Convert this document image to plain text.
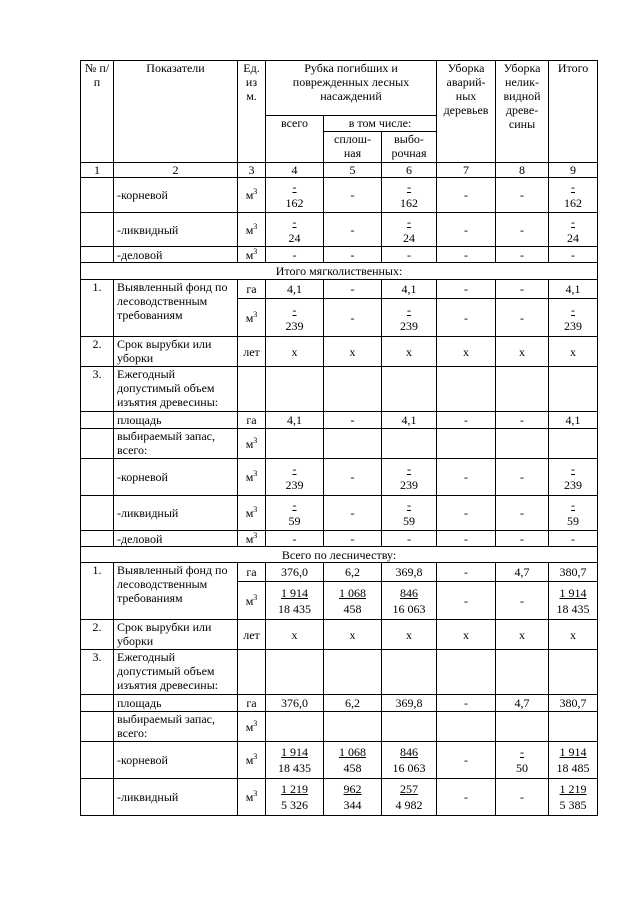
№ п/п	Показатели	Ед. из м.	Рубка погибших и поврежденных лесных насаждений			Уборка аварий-ных деревьев	Уборка нелик-видной древе-сины	Итого
			всего	в том числе:				
				сплош-ная	выбо-рочная			
1	2	3	4	5	6	7	8	9
	-корневой	$м^3$	$\frac{-}{162}$	-	$\frac{-}{162}$	-	-	$\frac{-}{162}$

	-ликвидный	$м^3$	$\frac{-}{24}$	-	$\frac{-}{24}$	-	-	$\frac{-}{24}$

	-деловой	$м^3$	-	-	-	-	-	-
Итого мягколиственных:								
1.	Выявленный фонд по лесоводственным требованиям	га	4,1	-	4,1	-	-	4,1
		$м^3$	$\frac{-}{239}$	-	$\frac{-}{239}$	-	-	$\frac{-}{239}$

2.	Срок вырубки или уборки	лет	х	х	х	х	х	х
3.	Ежегодный допустимый объем изъятия древесины:							
	площадь	га	4,1	-	4,1	-	-	4,1
	выбираемый запас, всего:	$м^3$						
	-корневой	$м^3$	$\frac{-}{239}$	-	$\frac{-}{239}$	-	-	$\frac{-}{239}$

	-ликвидный	$м^3$	$\frac{-}{59}$	-	$\frac{-}{59}$	-	-	$\frac{-}{59}$

	-деловой	$м^3$	-	-	-	-	-	-
Всего по лесничеству:								
1.	Выявленный фонд по лесоводственным требованиям	га	376,0	6,2	369,8	-	4,7	380,7
		$м^3$	$\frac{1 914}{18 435}$	$\frac{1 068}{458}$	$\frac{846}{16 063}$	-	-	$\frac{1 914}{18 435}$

2.	Срок вырубки или уборки	лет	х	х	х	х	х	х
3.	Ежегодный допустимый объем изъятия древесины:							
	площадь	га	376,0	6,2	369,8	-	4,7	380,7
	выбираемый запас, всего:	$м^3$						
	-корневой	$м^3$	$\frac{1 914}{18 435}$	$\frac{1 068}{458}$	$\frac{846}{16 063}$	-	$\frac{-}{50}$	$\frac{1 914}{18 485}$

	-ликвидный	$м^3$	$\frac{1 219}{5 326}$	$\frac{962}{344}$	$\frac{257}{4 982}$	-	-	$\frac{1 219}{5 385}$
